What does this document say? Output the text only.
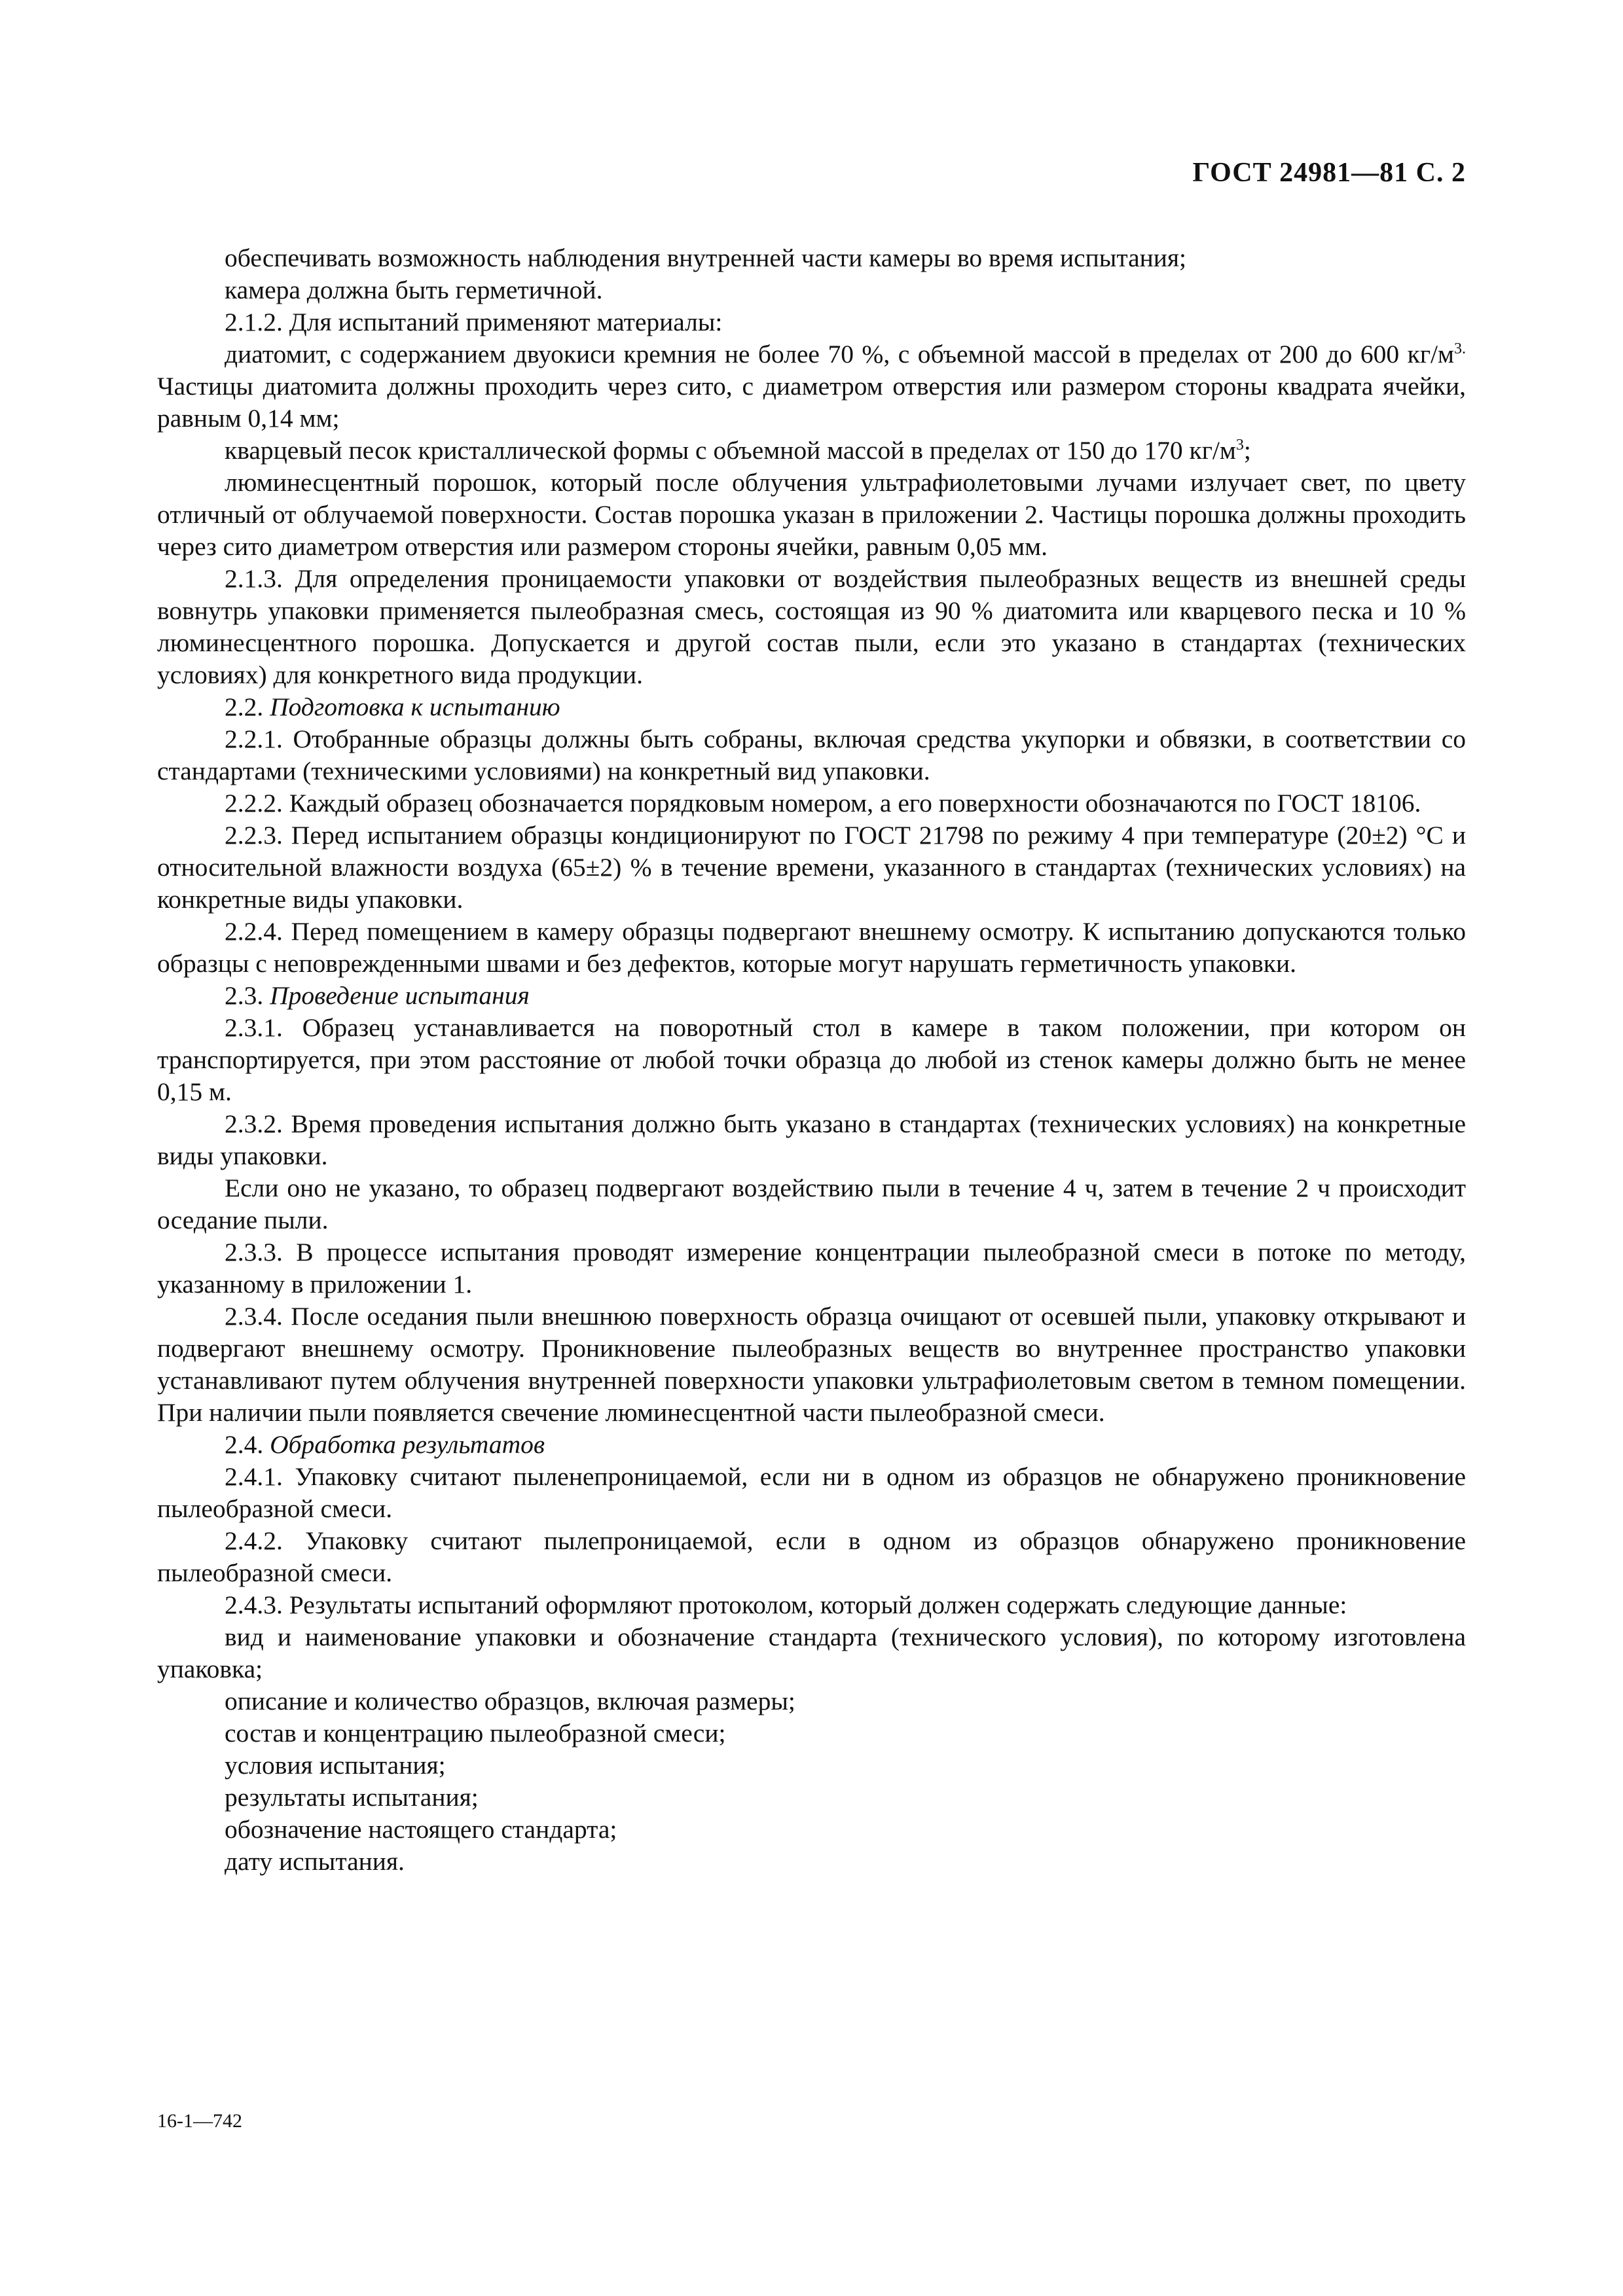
ГОСТ 24981—81 С. 2

обеспечивать возможность наблюдения внутренней части камеры во время испытания;

камера должна быть герметичной.

2.1.2. Для испытаний применяют материалы:

диатомит, с содержанием двуокиси кремния не более 70 %, с объемной массой в пределах от 200 до 600 $кг/м^{3.}$ Частицы диатомита должны проходить через сито, с диаметром отверстия или размером стороны квадрата ячейки, равным 0,14 мм;

кварцевый песок кристаллической формы с объемной массой в пределах от 150 до 170 $кг/м^3$;

люминесцентный порошок, который после облучения ультрафиолетовыми лучами излучает свет, по цвету отличный от облучаемой поверхности. Состав порошка указан в приложении 2. Частицы порошка должны проходить через сито диаметром отверстия или размером стороны ячейки, равным 0,05 мм.

2.1.3. Для определения проницаемости упаковки от воздействия пылеобразных веществ из внешней среды вовнутрь упаковки применяется пылеобразная смесь, состоящая из 90 % диатомита или кварцевого песка и 10 % люминесцентного порошка. Допускается и другой состав пыли, если это указано в стандартах (технических условиях) для конкретного вида продукции.

2.2. Подготовка к испытанию

2.2.1. Отобранные образцы должны быть собраны, включая средства укупорки и обвязки, в соответствии со стандартами (техническими условиями) на конкретный вид упаковки.

2.2.2. Каждый образец обозначается порядковым номером, а его поверхности обозначаются по ГОСТ 18106.

2.2.3. Перед испытанием образцы кондиционируют по ГОСТ 21798 по режиму 4 при температуре (20±2) °С и относительной влажности воздуха (65±2) % в течение времени, указанного в стандартах (технических условиях) на конкретные виды упаковки.

2.2.4. Перед помещением в камеру образцы подвергают внешнему осмотру. К испытанию допускаются только образцы с неповрежденными швами и без дефектов, которые могут нарушать герметичность упаковки.

2.3. Проведение испытания

2.3.1. Образец устанавливается на поворотный стол в камере в таком положении, при котором он транспортируется, при этом расстояние от любой точки образца до любой из стенок камеры должно быть не менее 0,15 м.

2.3.2. Время проведения испытания должно быть указано в стандартах (технических условиях) на конкретные виды упаковки.

Если оно не указано, то образец подвергают воздействию пыли в течение 4 ч, затем в течение 2 ч происходит оседание пыли.

2.3.3. В процессе испытания проводят измерение концентрации пылеобразной смеси в потоке по методу, указанному в приложении 1.

2.3.4. После оседания пыли внешнюю поверхность образца очищают от осевшей пыли, упаковку открывают и подвергают внешнему осмотру. Проникновение пылеобразных веществ во внутреннее пространство упаковки устанавливают путем облучения внутренней поверхности упаковки ультрафиолетовым светом в темном помещении. При наличии пыли появляется свечение люминесцентной части пылеобразной смеси.

2.4. Обработка результатов

2.4.1. Упаковку считают пыленепроницаемой, если ни в одном из образцов не обнаружено проникновение пылеобразной смеси.

2.4.2. Упаковку считают пылепроницаемой, если в одном из образцов обнаружено проникновение пылеобразной смеси.

2.4.3. Результаты испытаний оформляют протоколом, который должен содержать следующие данные:

вид и наименование упаковки и обозначение стандарта (технического условия), по которому изготовлена упаковка;

описание и количество образцов, включая размеры;

состав и концентрацию пылеобразной смеси;

условия испытания;

результаты испытания;

обозначение настоящего стандарта;

дату испытания.

16-1—742
